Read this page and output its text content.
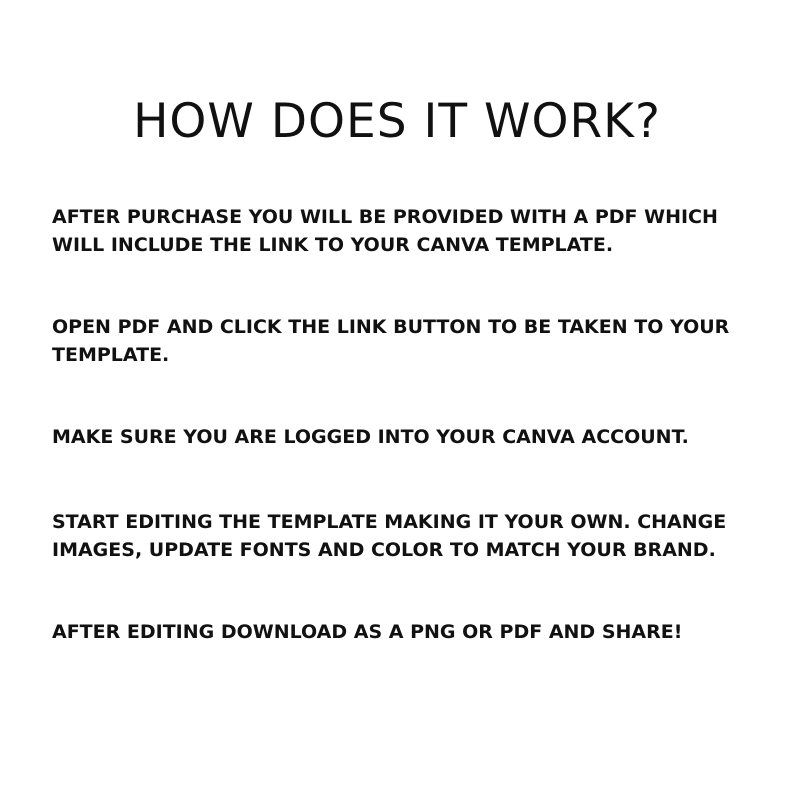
HOW DOES IT WORK?

AFTER PURCHASE YOU WILL BE PROVIDED WITH A PDF WHICH WILL INCLUDE THE LINK TO YOUR CANVA TEMPLATE.

OPEN PDF AND CLICK THE LINK BUTTON TO BE TAKEN TO YOUR TEMPLATE.

MAKE SURE YOU ARE LOGGED INTO YOUR CANVA ACCOUNT.

START EDITING THE TEMPLATE MAKING IT YOUR OWN. CHANGE IMAGES, UPDATE FONTS AND COLOR TO MATCH YOUR BRAND.

AFTER EDITING DOWNLOAD AS A PNG OR PDF AND SHARE!
